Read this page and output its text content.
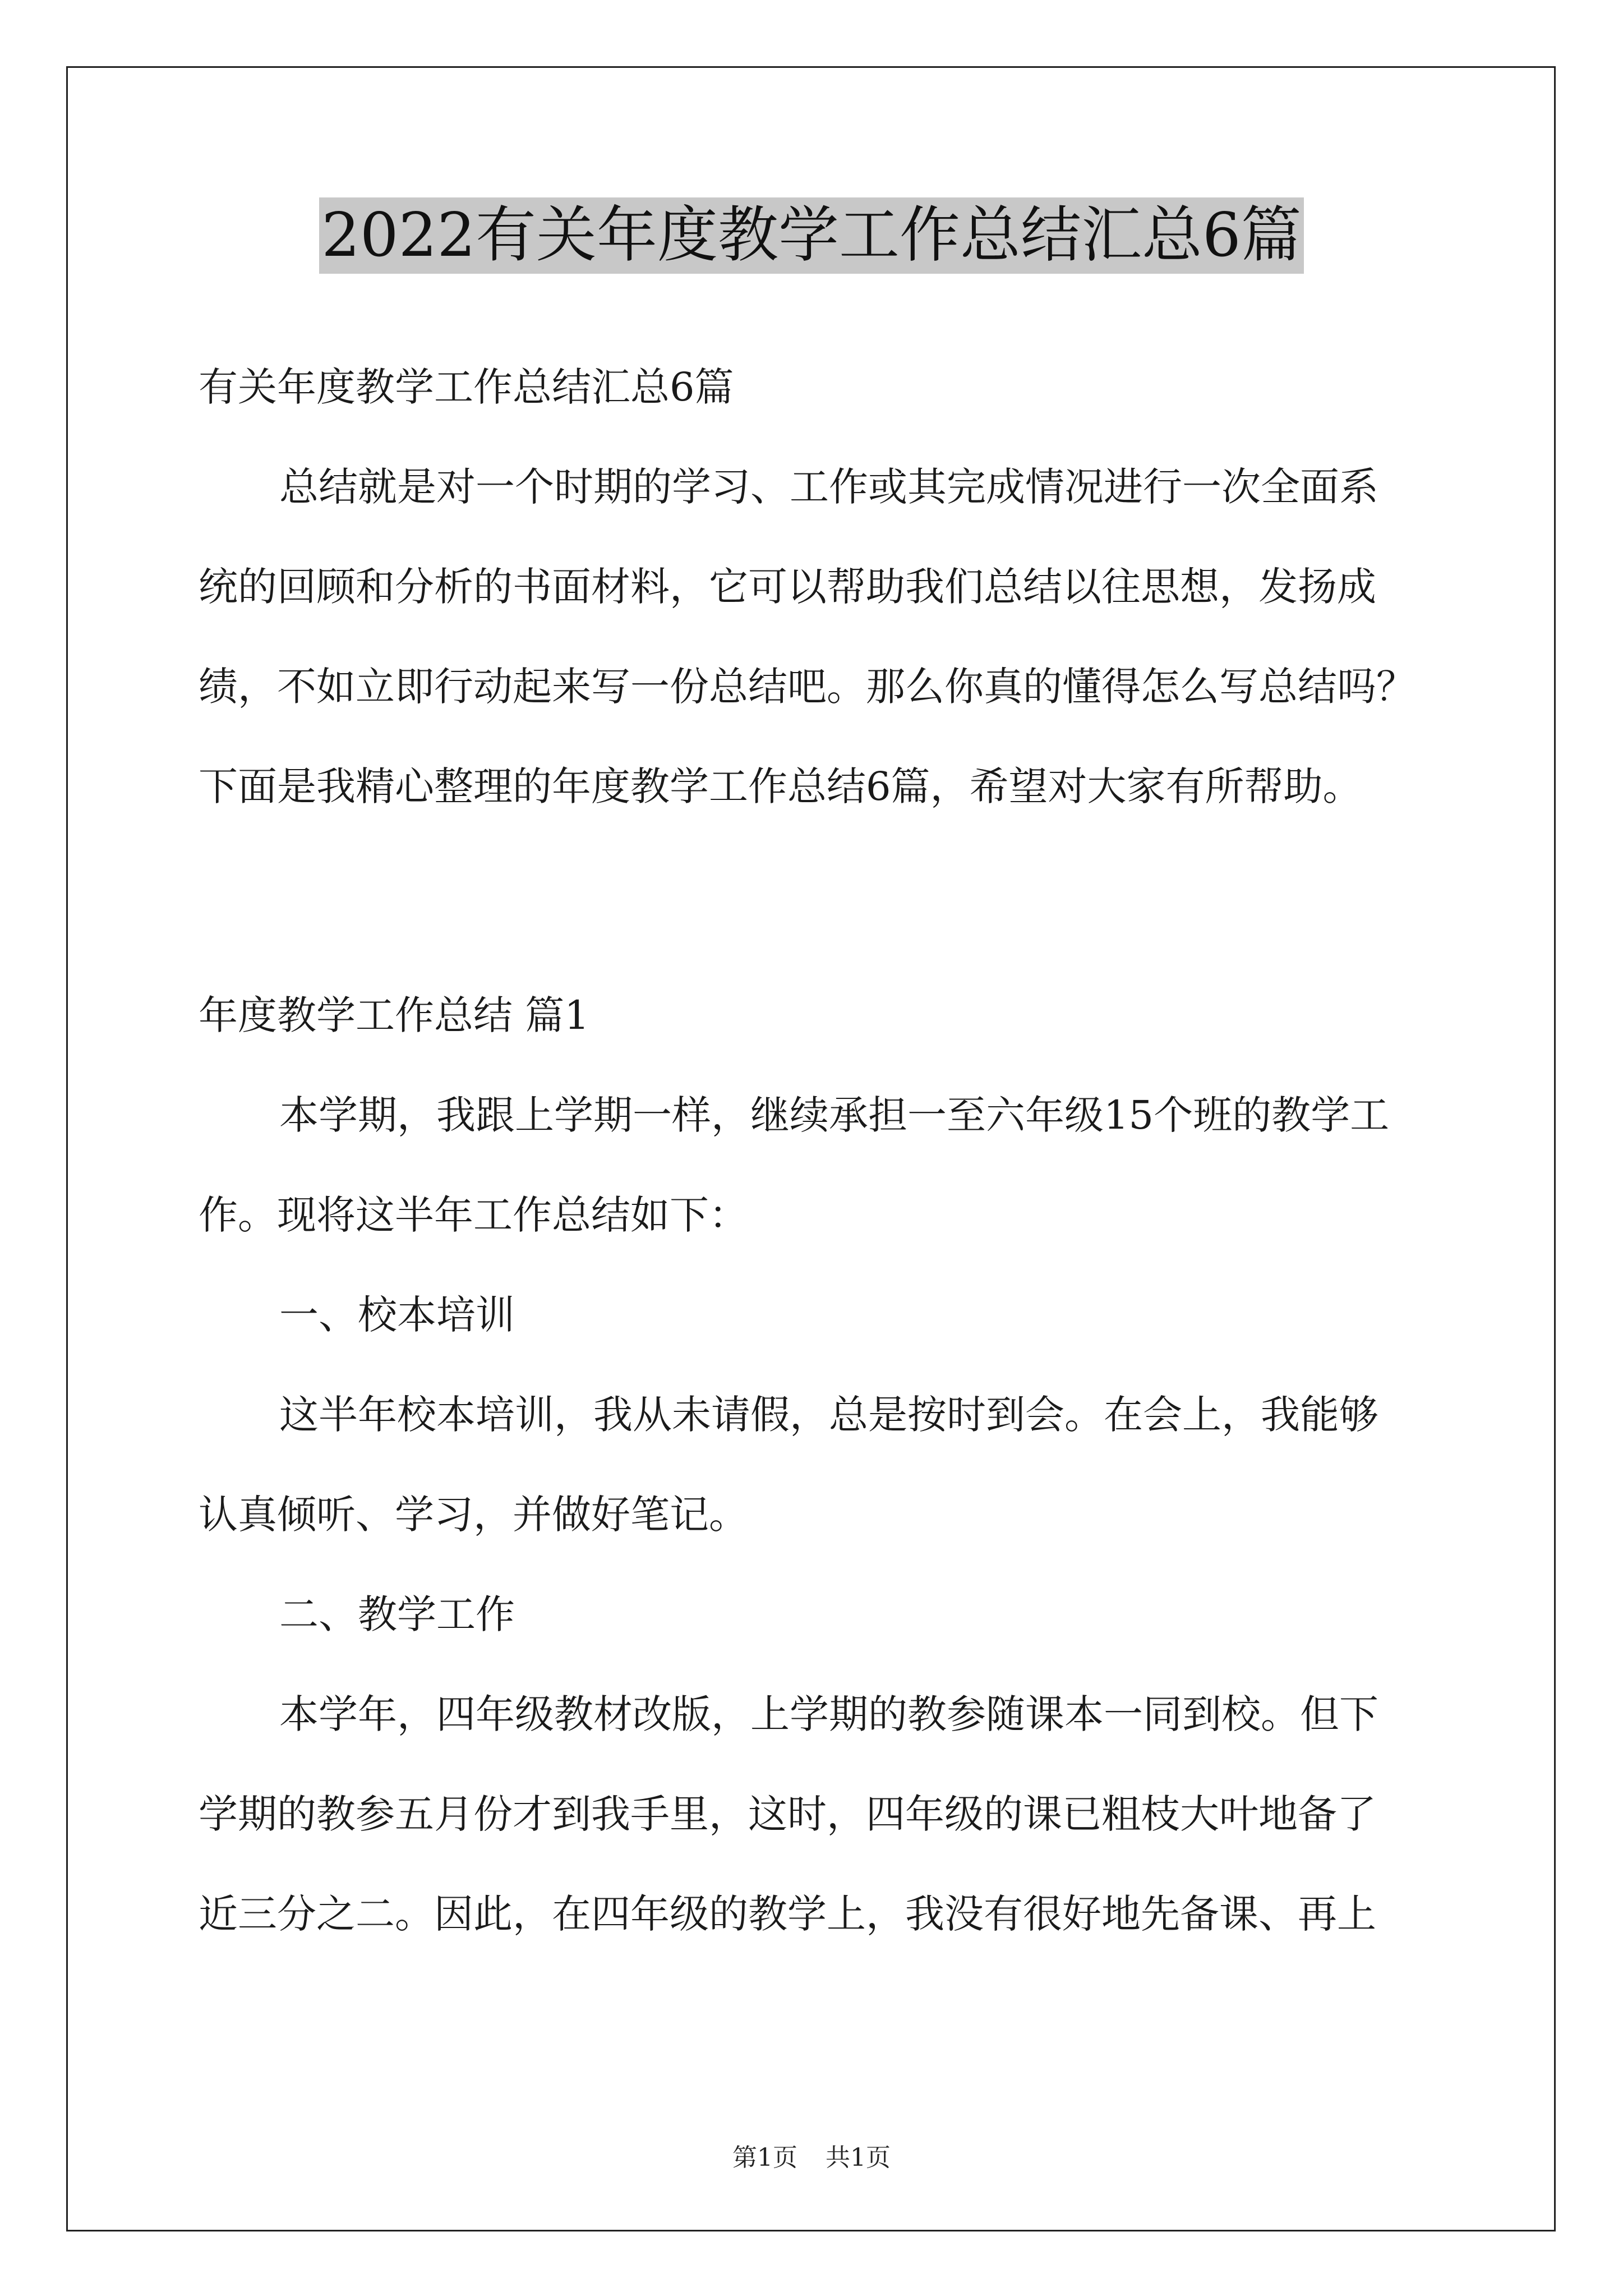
2022有关年度教学工作总结汇总6篇
有关年度教学工作总结汇总6篇
总结就是对一个时期的学习、工作或其完成情况进行一次全面系
统的回顾和分析的书面材料，它可以帮助我们总结以往思想，发扬成
绩，不如立即行动起来写一份总结吧。那么你真的懂得怎么写总结吗？
下面是我精心整理的年度教学工作总结6篇，希望对大家有所帮助。
年度教学工作总结 篇1
本学期，我跟上学期一样，继续承担一至六年级15个班的教学工
作。现将这半年工作总结如下：
一、校本培训
这半年校本培训，我从未请假，总是按时到会。在会上，我能够
认真倾听、学习，并做好笔记。
二、教学工作
本学年，四年级教材改版，上学期的教参随课本一同到校。但下
学期的教参五月份才到我手里，这时，四年级的课已粗枝大叶地备了
近三分之二。因此，在四年级的教学上，我没有很好地先备课、再上
第1页 共1页
